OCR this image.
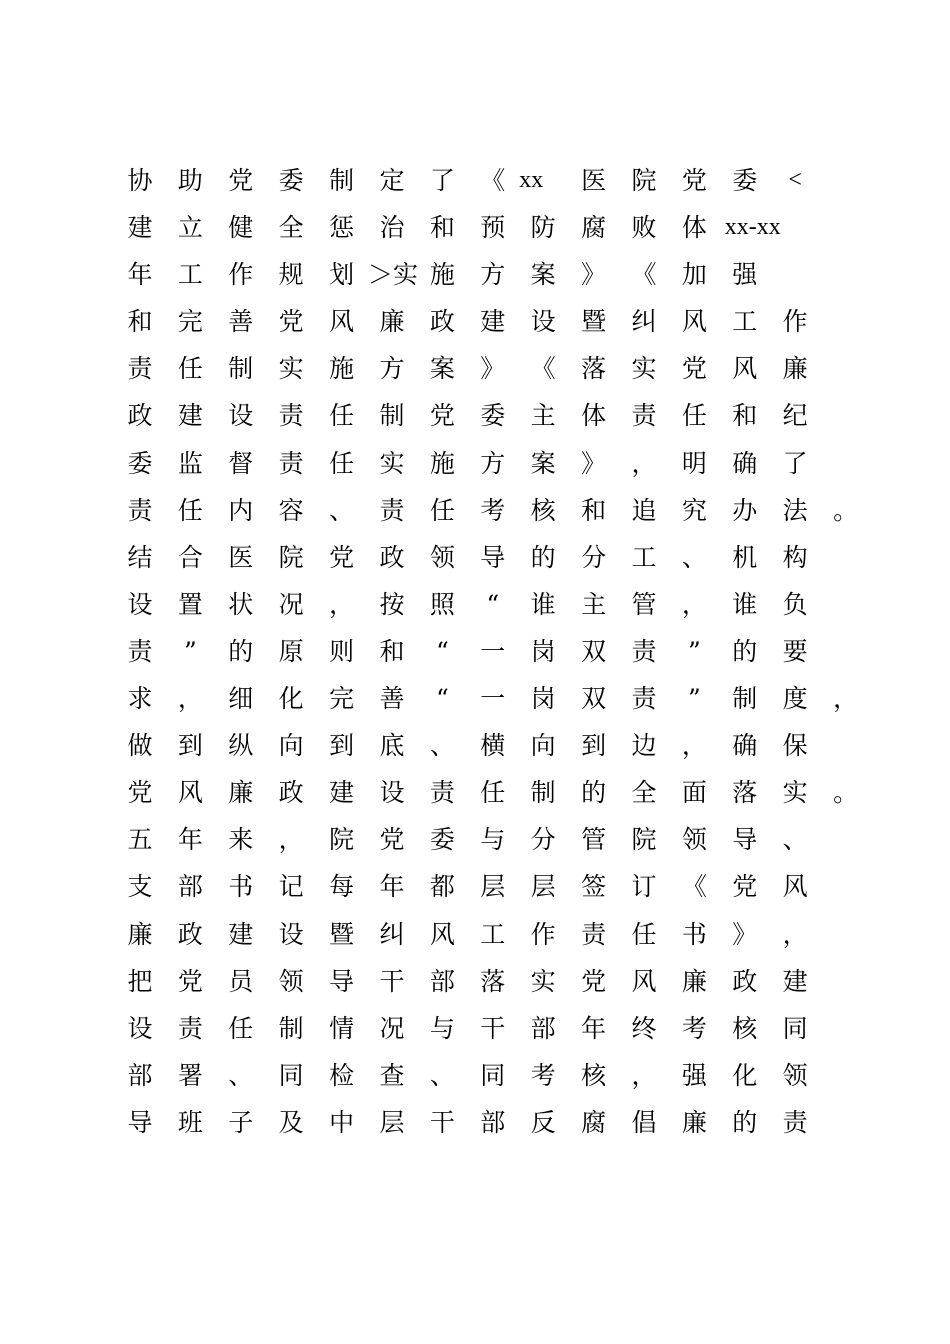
协	助	党	委	制	定	了	《 xx	医	院	党	委	<
建	立	健	全	惩	治	和	预	防	腐	败	体 xx-xx
年	工	作	规	划 ＞实 施	方	案	》	《	加	强
和	完	善	党	风	廉	政	建	设	暨	纠	风	工	作
责	任	制	实	施	方	案	》	《	落	实	党	风	廉
政	建	设	责	任	制	党	委	主	体	责	任	和	纪
委	监	督	责	任	实	施	方	案	》	，	明	确	了
责	任	内	容	、	责	任	考	核	和	追	究	办	法	。
结	合	医	院	党	政	领	导	的	分	工	、	机	构
设	置	状	况	，	按	照	“	谁	主	管	，	谁	负
责	”	的	原	则	和	“	一	岗	双	责	”	的	要
求	，	细	化	完	善	“	一	岗	双	责	”	制	度	，
做	到	纵	向	到	底	、	横	向	到	边	，	确	保
党	风	廉	政	建	设	责	任	制	的	全	面	落	实	。
五	年	来	，	院	党	委	与	分	管	院	领	导	、
支	部	书	记	每	年	都	层	层	签	订	《	党	风
廉	政	建	设	暨	纠	风	工	作	责	任	书	》	，
把	党	员	领	导	干	部	落	实	党	风	廉	政	建
设	责	任	制	情	况	与	干	部	年	终	考	核	同
部	署	、	同	检	查	、	同	考	核	，	强	化	领
导	班	子	及	中	层	干	部	反	腐	倡	廉	的	责
